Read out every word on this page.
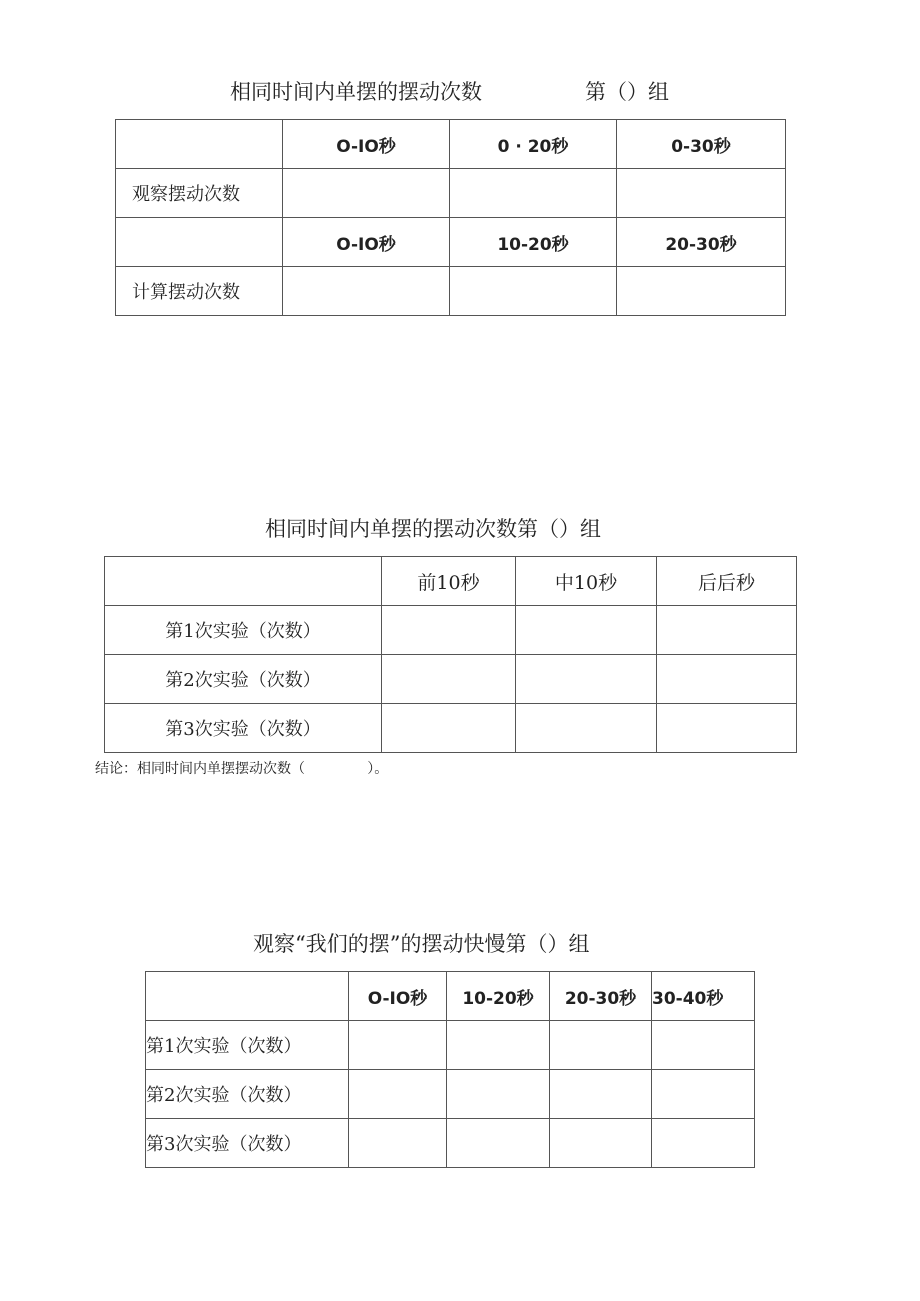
相同时间内单摆的摆动次数	第（）组
	O-IO秒	0 · 20秒	0-30秒
观察摆动次数			
	O-IO秒	10-20秒	20-30秒
计算摆动次数			
相同时间内单摆的摆动次数第（）组
	前10秒	中10秒	后后秒
第1次实验（次数）			
第2次实验（次数）			
第3次实验（次数）			
结论：相同时间内单摆摆动次数（              ）。
观察“我们的摆”的摆动快慢第（）组
	O-IO秒	10-20秒	20-30秒	30-40秒
第1次实验（次数）				
第2次实验（次数）				
第3次实验（次数）				
